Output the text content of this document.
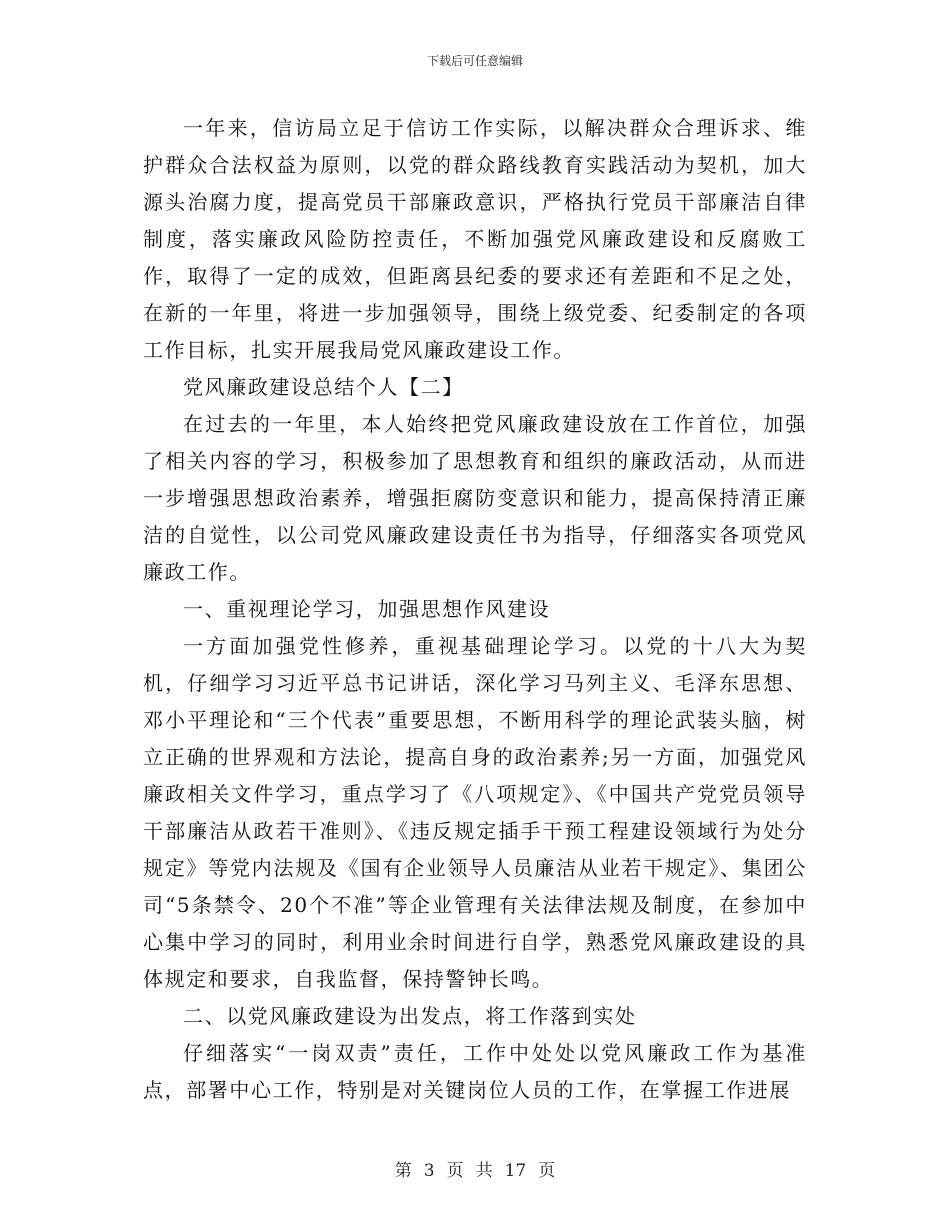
下载后可任意编辑

一年来，信访局立足于信访工作实际，以解决群众合理诉求、维护群众合法权益为原则，以党的群众路线教育实践活动为契机，加大源头治腐力度，提高党员干部廉政意识，严格执行党员干部廉洁自律制度，落实廉政风险防控责任，不断加强党风廉政建设和反腐败工作，取得了一定的成效，但距离县纪委的要求还有差距和不足之处，在新的一年里，将进一步加强领导，围绕上级党委、纪委制定的各项工作目标，扎实开展我局党风廉政建设工作。

党风廉政建设总结个人【二】

在过去的一年里，本人始终把党风廉政建设放在工作首位，加强了相关内容的学习，积极参加了思想教育和组织的廉政活动，从而进一步增强思想政治素养，增强拒腐防变意识和能力，提高保持清正廉洁的自觉性，以公司党风廉政建设责任书为指导，仔细落实各项党风廉政工作。

一、重视理论学习，加强思想作风建设

一方面加强党性修养，重视基础理论学习。以党的十八大为契机，仔细学习习近平总书记讲话，深化学习马列主义、毛泽东思想、邓小平理论和“三个代表”重要思想，不断用科学的理论武装头脑，树立正确的世界观和方法论，提高自身的政治素养;另一方面，加强党风廉政相关文件学习，重点学习了《八项规定》、《中国共产党党员领导干部廉洁从政若干准则》、《违反规定插手干预工程建设领域行为处分规定》等党内法规及《国有企业领导人员廉洁从业若干规定》、集团公司“5条禁令、20个不准”等企业管理有关法律法规及制度，在参加中心集中学习的同时，利用业余时间进行自学，熟悉党风廉政建设的具体规定和要求，自我监督，保持警钟长鸣。

二、以党风廉政建设为出发点，将工作落到实处

仔细落实“一岗双责”责任，工作中处处以党风廉政工作为基准点，部署中心工作，特别是对关键岗位人员的工作，在掌握工作进展

第 3 页 共 17 页
